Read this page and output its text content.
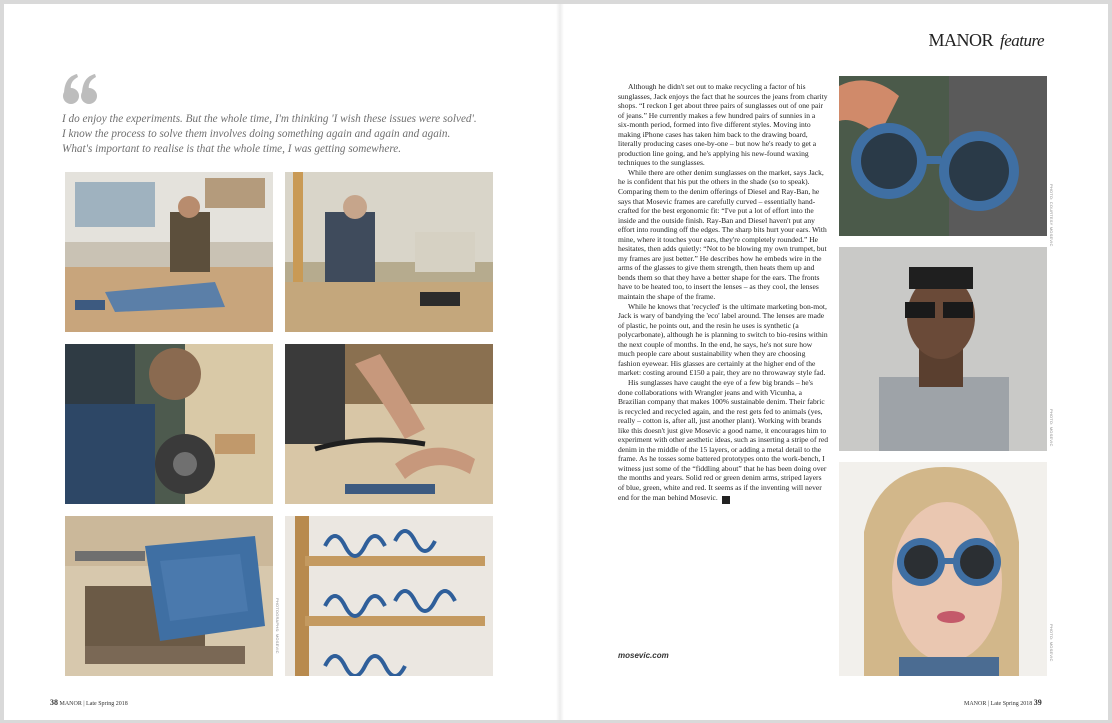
MANOR feature

I do enjoy the experiments. But the whole time, I'm thinking 'I wish these issues were solved'.

I know the process to solve them involves doing something again and again and again.

What's important to realise is that the whole time, I was getting somewhere.

PHOTOGRAPHS: MOSEVIC

Although he didn't set out to make recycling a factor of his sunglasses, Jack enjoys the fact that he sources the jeans from charity shops. “I reckon I get about three pairs of sunglasses out of one pair of jeans.” He currently makes a few hundred pairs of sunnies in a six-month period, formed into five different styles. Moving into making iPhone cases has taken him back to the drawing board, literally producing cases one-by-one – but now he's ready to get a production line going, and he's applying his new-found waxing techniques to the sunglasses.

While there are other denim sunglasses on the market, says Jack, he is confident that his put the others in the shade (so to speak). Comparing them to the denim offerings of Diesel and Ray-Ban, he says that Mosevic frames are carefully curved – essentially hand-crafted for the best ergonomic fit: “I've put a lot of effort into the inside and the outside finish. Ray-Ban and Diesel haven't put any effort into rounding off the edges. The sharp bits hurt your ears. With mine, where it touches your ears, they're completely rounded.” He hesitates, then adds quietly: “Not to be blowing my own trumpet, but my frames are just better.” He describes how he embeds wire in the arms of the glasses to give them strength, then heats them up and bends them so that they have a better shape for the ears. The fronts have to be heated too, to insert the lenses – as they cool, the lenses maintain the shape of the frame.

While he knows that 'recycled' is the ultimate marketing bon-mot, Jack is wary of bandying the 'eco' label around. The lenses are made of plastic, he points out, and the resin he uses is synthetic (a polycarbonate), although he is planning to switch to bio-resins within the next couple of months. In the end, he says, he's not sure how much people care about sustainability when they are choosing fashion eyewear. His glasses are certainly at the higher end of the market: costing around £150 a pair, they are no throwaway style fad.

His sunglasses have caught the eye of a few big brands – he's done collaborations with Wrangler jeans and with Vicunha, a Brazilian company that makes 100% sustainable denim. Their fabric is recycled and recycled again, and the rest gets fed to animals (yes, really – cotton is, after all, just another plant). Working with brands like this doesn't just give Mosevic a good name, it encourages him to experiment with other aesthetic ideas, such as inserting a stripe of red denim in the middle of the 15 layers, or adding a metal detail to the frame. As he tosses some battered prototypes onto the work-bench, I witness just some of the “fiddling about” that he has been doing over the months and years. Solid red or green denim arms, striped layers of blue, green, white and red. It seems as if the inventing will never end for the man behind Mosevic. M

mosevic.com
PHOTO: COURTESY MOSEVIC
PHOTO: MOSEVIC
PHOTO: MOSEVIC
38 MANOR | Late Spring 2018	MANOR | Late Spring 2018 39
